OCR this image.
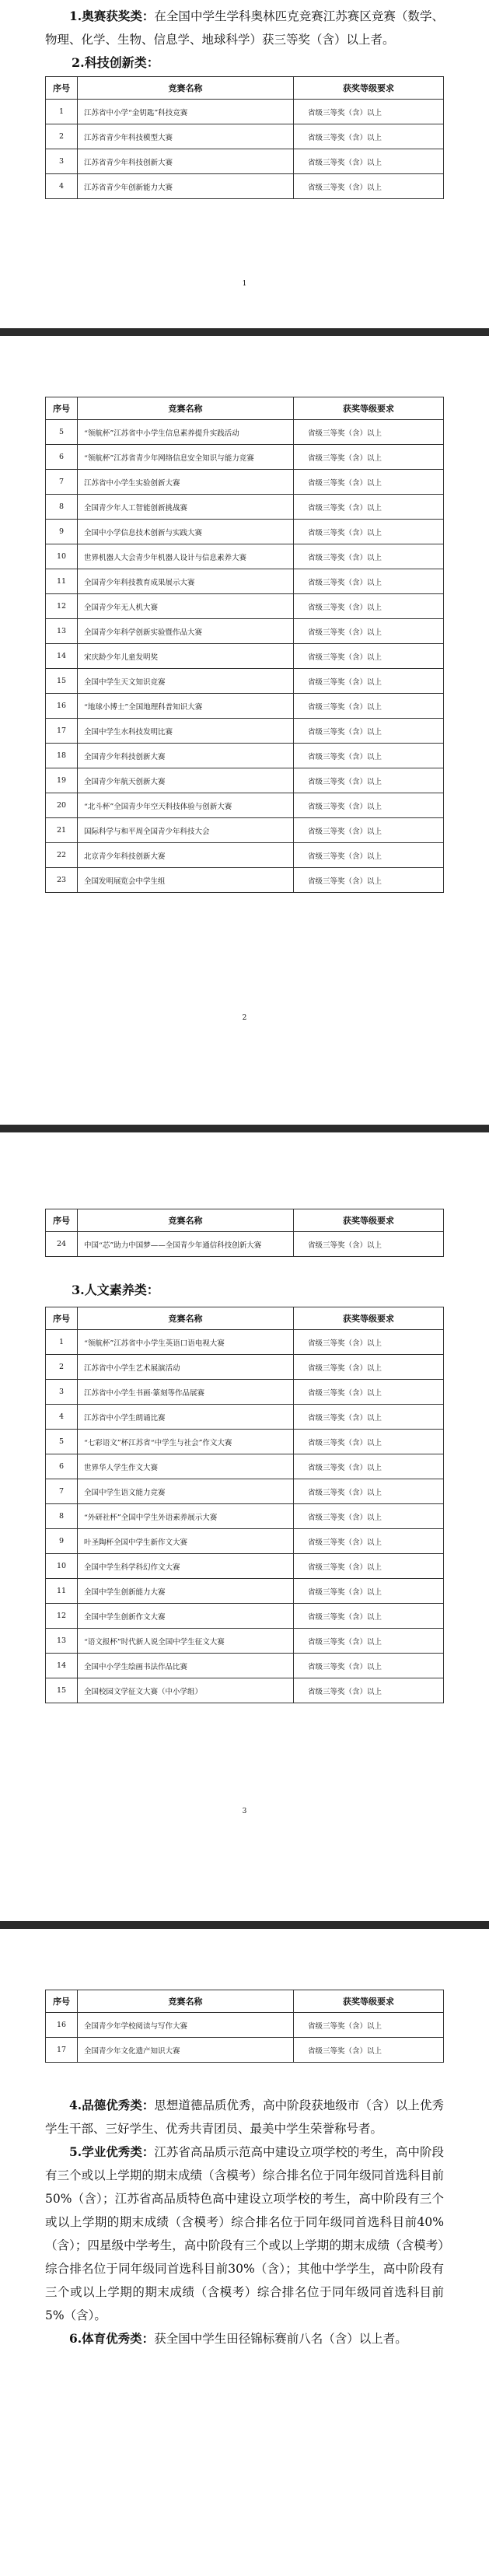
1.奥赛获奖类：在全国中学生学科奥林匹克竞赛江苏赛区竞赛（数学、物理、化学、生物、信息学、地球科学）获三等奖（含）以上者。

2.科技创新类：

序号	竞赛名称	获奖等级要求
1	江苏省中小学“金钥匙”科技竞赛	省级三等奖（含）以上
2	江苏省青少年科技模型大赛	省级三等奖（含）以上
3	江苏省青少年科技创新大赛	省级三等奖（含）以上
4	江苏省青少年创新能力大赛	省级三等奖（含）以上
1
序号	竞赛名称	获奖等级要求
5	“领航杯”江苏省中小学生信息素养提升实践活动	省级三等奖（含）以上
6	“领航杯”江苏省青少年网络信息安全知识与能力竞赛	省级三等奖（含）以上
7	江苏省中小学生实验创新大赛	省级三等奖（含）以上
8	全国青少年人工智能创新挑战赛	省级三等奖（含）以上
9	全国中小学信息技术创新与实践大赛	省级三等奖（含）以上
10	世界机器人大会青少年机器人设计与信息素养大赛	省级三等奖（含）以上
11	全国青少年科技教育成果展示大赛	省级三等奖（含）以上
12	全国青少年无人机大赛	省级三等奖（含）以上
13	全国青少年科学创新实验暨作品大赛	省级三等奖（含）以上
14	宋庆龄少年儿童发明奖	省级三等奖（含）以上
15	全国中学生天文知识竞赛	省级三等奖（含）以上
16	“地球小博士”全国地理科普知识大赛	省级三等奖（含）以上
17	全国中学生水科技发明比赛	省级三等奖（含）以上
18	全国青少年科技创新大赛	省级三等奖（含）以上
19	全国青少年航天创新大赛	省级三等奖（含）以上
20	“北斗杯”全国青少年空天科技体验与创新大赛	省级三等奖（含）以上
21	国际科学与和平周全国青少年科技大会	省级三等奖（含）以上
22	北京青少年科技创新大赛	省级三等奖（含）以上
23	全国发明展览会中学生组	省级三等奖（含）以上
2
序号	竞赛名称	获奖等级要求
24	中国“芯”助力中国梦——全国青少年通信科技创新大赛	省级三等奖（含）以上

3.人文素养类：

序号	竞赛名称	获奖等级要求
1	“领航杯”江苏省中小学生英语口语电视大赛	省级三等奖（含）以上
2	江苏省中小学生艺术展演活动	省级三等奖（含）以上
3	江苏省中小学生书画·篆刻等作品展赛	省级三等奖（含）以上
4	江苏省中小学生朗诵比赛	省级三等奖（含）以上
5	“七彩语文”杯江苏省“中学生与社会”作文大赛	省级三等奖（含）以上
6	世界华人学生作文大赛	省级三等奖（含）以上
7	全国中学生语文能力竞赛	省级三等奖（含）以上
8	“外研社杯”全国中学生外语素养展示大赛	省级三等奖（含）以上
9	叶圣陶杯全国中学生新作文大赛	省级三等奖（含）以上
10	全国中学生科学科幻作文大赛	省级三等奖（含）以上
11	全国中学生创新能力大赛	省级三等奖（含）以上
12	全国中学生创新作文大赛	省级三等奖（含）以上
13	“语文报杯”时代新人说全国中学生征文大赛	省级三等奖（含）以上
14	全国中小学生绘画书法作品比赛	省级三等奖（含）以上
15	全国校园文学征文大赛（中小学组）	省级三等奖（含）以上
3
序号	竞赛名称	获奖等级要求
16	全国青少年学校阅读与写作大赛	省级三等奖（含）以上
17	全国青少年文化遗产知识大赛	省级三等奖（含）以上

4.品德优秀类：思想道德品质优秀，高中阶段获地级市（含）以上优秀学生干部、三好学生、优秀共青团员、最美中学生荣誉称号者。

5.学业优秀类：江苏省高品质示范高中建设立项学校的考生，高中阶段有三个或以上学期的期末成绩（含模考）综合排名位于同年级同首选科目前50%（含）；江苏省高品质特色高中建设立项学校的考生，高中阶段有三个或以上学期的期末成绩（含模考）综合排名位于同年级同首选科目前40%（含）；四星级中学考生，高中阶段有三个或以上学期的期末成绩（含模考）综合排名位于同年级同首选科目前30%（含）；其他中学学生，高中阶段有三个或以上学期的期末成绩（含模考）综合排名位于同年级同首选科目前5%（含）。

6.体育优秀类：获全国中学生田径锦标赛前八名（含）以上者。
